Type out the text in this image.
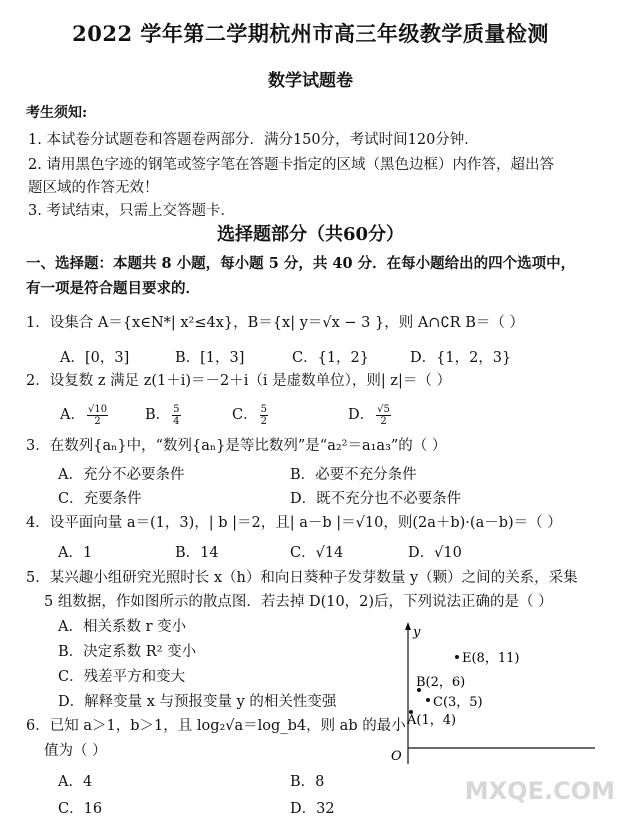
2022 学年第二学期杭州市高三年级教学质量检测
数学试题卷
考生须知:
1. 本试卷分试题卷和答题卷两部分．满分150分，考试时间120分钟．
2. 请用黑色字迹的钢笔或签字笔在答题卡指定的区域（黑色边框）内作答，超出答
题区域的作答无效！
3. 考试结束，只需上交答题卡．
选择题部分（共60分）
一、选择题：本题共 8 小题，每小题 5 分，共 40 分．在每小题给出的四个选项中，
有一项是符合题目要求的．
1．设集合 A＝{x∈N*| x²≤4x}，B＝{x| y＝√x − 3 }，则 A∩∁R B＝（ ）
A．[0，3]	B．[1，3]	C．{1，2}	D．{1，2，3}
2．设复数 z 满足 z(1＋i)＝－2＋i（i 是虚数单位），则| z|＝（ ）
A． $\frac{√10}{2}$	B． $\frac{5}{4}$	C． $\frac{5}{2}$	D． $\frac{√5}{2}$
3．在数列{aₙ}中，“数列{aₙ}是等比数列”是“a₂²＝a₁a₃”的（ ）
A．充分不必要条件	B．必要不充分条件
C．充要条件	D．既不充分也不必要条件
4．设平面向量 a＝(1，3)，| b |＝2，且| a－b |＝√10，则(2a＋b)·(a－b)＝（ ）
A．1	B．14	C．√14	D．√10
5．某兴趣小组研究光照时长 x（h）和向日葵种子发芽数量 y（颗）之间的关系，采集
5 组数据，作如图所示的散点图．若去掉 D(10，2)后，下列说法正确的是（ ）
A．相关系数 r 变小
B．决定系数 R² 变小
C．残差平方和变大
D．解释变量 x 与预报变量 y 的相关性变强
y
O
E(8，11)
B(2，6)
C(3，5)
A(1，4)
6．已知 a＞1，b＞1，且 log₂√a＝log_b4，则 ab 的最小
值为（ ）
A．4	B．8
C．16	D．32
MXQE.COM
